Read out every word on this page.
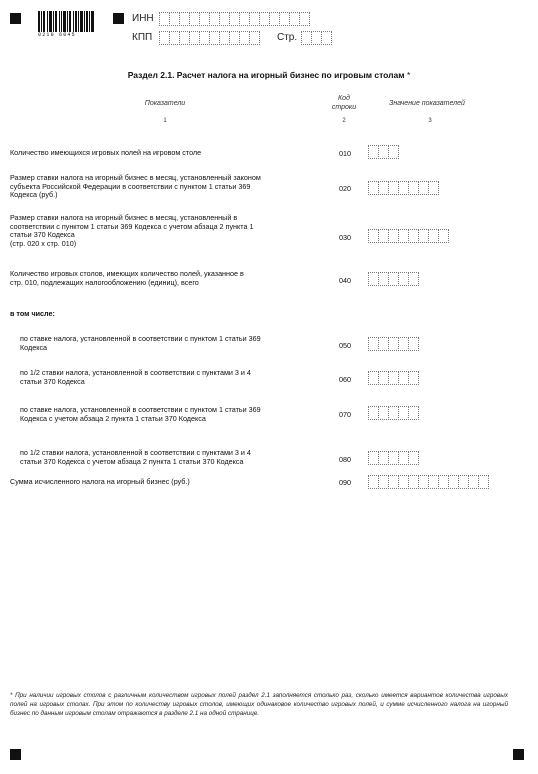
0210 6045
ИНН
КПП	Стр.
Раздел 2.1. Расчет налога на игорный бизнес по игровым столам *
Показатели
Код строки
Значение показателей
1	2	3
Количество имеющихся игровых полей на игровом столе	010
Размер ставки налога на игорный бизнес в месяц, установленный законом
субъекта Российской Федерации в соответствии с пунктом 1 статьи 369
Кодекса (руб.)
020
Размер ставки налога на игорный бизнес в месяц, установленный в
соответствии с пунктом 1 статьи 369 Кодекса с учетом абзаца 2 пункта 1
статьи 370 Кодекса
(стр. 020 х стр. 010)
030
Количество игровых столов, имеющих количество полей, указанное в
стр. 010, подлежащих налогообложению (единиц), всего	040
в том числе:
по ставке налога, установленной в соответствии с пунктом 1 статьи 369
Кодекса	050
по 1/2 ставки налога, установленной в соответствии с пунктами 3 и 4
статьи 370 Кодекса	060
по ставке налога, установленной в соответствии с пунктом 1 статьи 369
Кодекса с учетом абзаца 2 пункта 1 статьи 370 Кодекса	070
по 1/2 ставки налога, установленной в соответствии с пунктами 3 и 4
статьи 370 Кодекса с учетом абзаца 2 пункта 1 статьи 370 Кодекса	080
Сумма исчисленного налога на игорный бизнес (руб.)	090
* При наличии игровых столов с различным количеством игровых полей раздел 2.1 заполняется столько раз, сколько имеется вариантов количества игровых полей на игровых столах. При этом по количеству игровых столов, имеющих одинаковое количество игровых полей, и сумме исчисленного налога на игорный бизнес по данным игровым столам отражаются в разделе 2.1 на одной странице.
